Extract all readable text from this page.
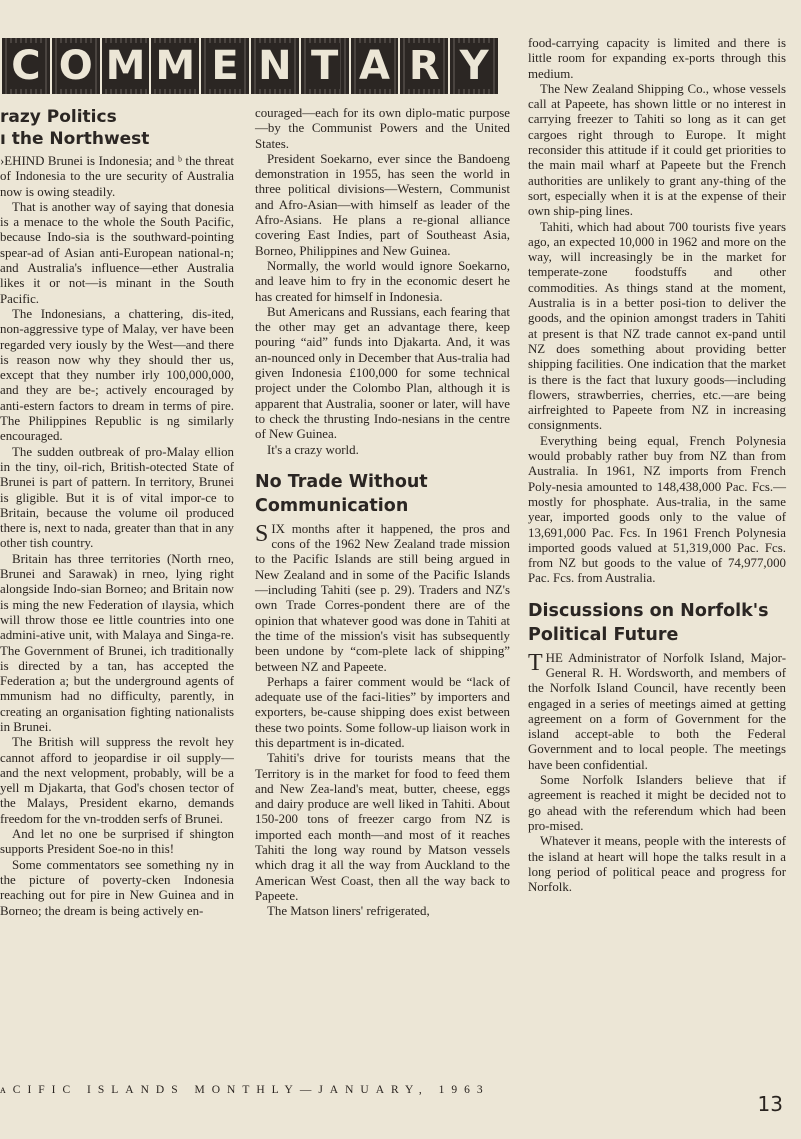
C O M M E N T A R Y
razy Politics
ı the Northwest

›EHIND Brunei is Indonesia; and ᵇ the threat of Indonesia to the ure security of Australia now is owing steadily.

That is another way of saying that donesia is a menace to the whole the South Pacific, because Indo-sia is the southward-pointing spear-ad of Asian anti-European national-n; and Australia's influence—ether Australia likes it or not—is minant in the South Pacific.

The Indonesians, a chattering, dis-ited, non-aggressive type of Malay, ver have been regarded very iously by the West—and there is reason now why they should ther us, except that they number irly 100,000,000, and they are be-; actively encouraged by anti-estern factors to dream in terms of pire. The Philippines Republic is ng similarly encouraged.

The sudden outbreak of pro-Malay ellion in the tiny, oil-rich, British-otected State of Brunei is part of pattern. In territory, Brunei is gligible. But it is of vital impor-ce to Britain, because the volume oil produced there is, next to nada, greater than that in any other tish country.

Britain has three territories (North rneo, Brunei and Sarawak) in rneo, lying right alongside Indo-sian Borneo; and Britain now is ming the new Federation of ılaysia, which will throw those ee little countries into one admini-ative unit, with Malaya and Singa-re. The Government of Brunei, ich traditionally is directed by a tan, has accepted the Federation a; but the underground agents of mmunism had no difficulty, parently, in creating an organisation fighting nationalists in Brunei.

The British will suppress the revolt hey cannot afford to jeopardise ir oil supply—and the next velopment, probably, will be a yell m Djakarta, that God's chosen tector of the Malays, President ekarno, demands freedom for the vn-trodden serfs of Brunei.

And let no one be surprised if shington supports President Soe-no in this!

Some commentators see something ny in the picture of poverty-cken Indonesia reaching out for pire in New Guinea and in Borneo; the dream is being actively en-

couraged—each for its own diplo-matic purpose—by the Communist Powers and the United States.

President Soekarno, ever since the Bandoeng demonstration in 1955, has seen the world in three political divisions—Western, Communist and Afro-Asian—with himself as leader of the Afro-Asians. He plans a re-gional alliance covering East Indies, part of Southeast Asia, Borneo, Philippines and New Guinea.

Normally, the world would ignore Soekarno, and leave him to fry in the economic desert he has created for himself in Indonesia.

But Americans and Russians, each fearing that the other may get an advantage there, keep pouring “aid” funds into Djakarta. And, it was an-nounced only in December that Aus-tralia had given Indonesia £100,000 for some technical project under the Colombo Plan, although it is apparent that Australia, sooner or later, will have to check the thrusting Indo-nesians in the centre of New Guinea.

It's a crazy world.

No Trade Without Communication

SIX months after it happened, the pros and cons of the 1962 New Zealand trade mission to the Pacific Islands are still being argued in New Zealand and in some of the Pacific Islands—including Tahiti (see p. 29). Traders and NZ's own Trade Corres-pondent there are of the opinion that whatever good was done in Tahiti at the time of the mission's visit has subsequently been undone by “com-plete lack of shipping” between NZ and Papeete.

Perhaps a fairer comment would be “lack of adequate use of the faci-lities” by importers and exporters, be-cause shipping does exist between these two points. Some follow-up liaison work in this department is in-dicated.

Tahiti's drive for tourists means that the Territory is in the market for food to feed them and New Zea-land's meat, butter, cheese, eggs and dairy produce are well liked in Tahiti. About 150-200 tons of freezer cargo from NZ is imported each month—and most of it reaches Tahiti the long way round by Matson vessels which drag it all the way from Auckland to the American West Coast, then all the way back to Papeete.

The Matson liners' refrigerated,

food-carrying capacity is limited and there is little room for expanding ex-ports through this medium.

The New Zealand Shipping Co., whose vessels call at Papeete, has shown little or no interest in carrying freezer to Tahiti so long as it can get cargoes right through to Europe. It might reconsider this attitude if it could get priorities to the main mail wharf at Papeete but the French authorities are unlikely to grant any-thing of the sort, especially when it is at the expense of their own ship-ping lines.

Tahiti, which had about 700 tourists five years ago, an expected 10,000 in 1962 and more on the way, will increasingly be in the market for temperate-zone foodstuffs and other commodities. As things stand at the moment, Australia is in a better posi-tion to deliver the goods, and the opinion amongst traders in Tahiti at present is that NZ trade cannot ex-pand until NZ does something about providing better shipping facilities. One indication that the market is there is the fact that luxury goods—including flowers, strawberries, cherries, etc.—are being airfreighted to Papeete from NZ in increasing consignments.

Everything being equal, French Polynesia would probably rather buy from NZ than from Australia. In 1961, NZ imports from French Poly-nesia amounted to 148,438,000 Pac. Fcs.—mostly for phosphate. Aus-tralia, in the same year, imported goods only to the value of 13,691,000 Pac. Fcs. In 1961 French Polynesia imported goods valued at 51,319,000 Pac. Fcs. from NZ but goods to the value of 74,977,000 Pac. Fcs. from Australia.

Discussions on Norfolk's Political Future

THE Administrator of Norfolk Island, Major-General R. H. Wordsworth, and members of the Norfolk Island Council, have recently been engaged in a series of meetings aimed at getting agreement on a form of Government for the island accept-able to both the Federal Government and to local people. The meetings have been confidential.

Some Norfolk Islanders believe that if agreement is reached it might be decided not to go ahead with the referendum which had been pro-mised.

Whatever it means, people with the interests of the island at heart will hope the talks result in a long period of political peace and progress for Norfolk.

ᴀCIFIC ISLANDS MONTHLY—JANUARY, 1963
13
